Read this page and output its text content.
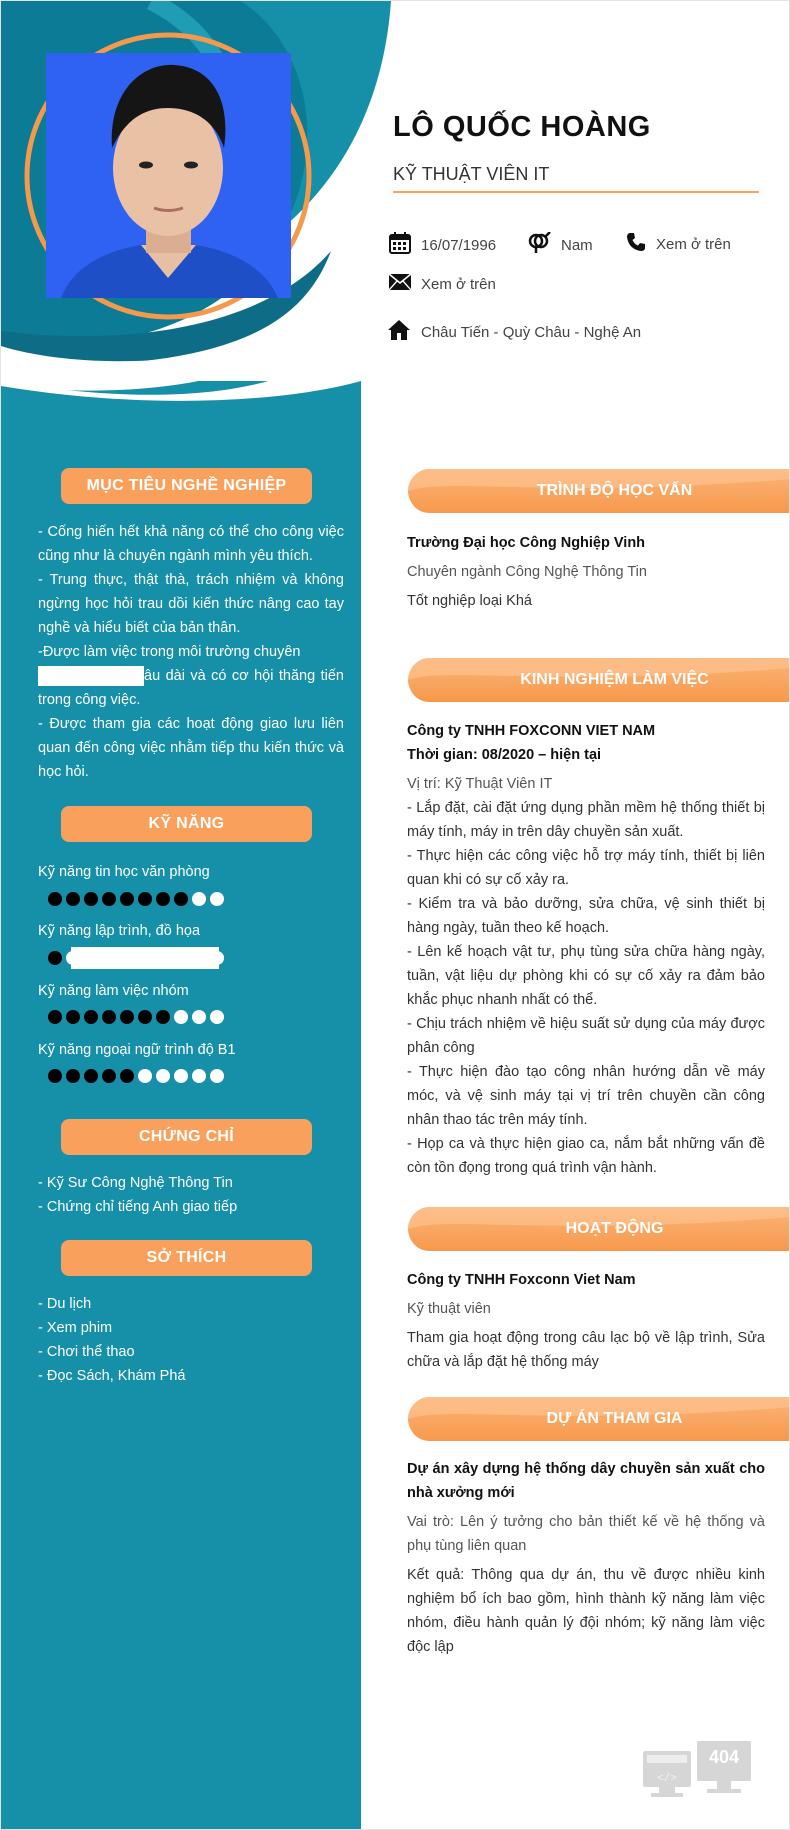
LÔ QUỐC HOÀNG
KỸ THUẬT VIÊN IT
16/07/1996	Nam	Xem ở trên
Xem ở trên
Châu Tiến - Quỳ Châu - Nghệ An
MỤC TIÊU NGHỀ NGHIỆP

- Cống hiến hết khả năng có thể cho công việc cũng như là chuyên ngành mình yêu thích.

- Trung thực, thật thà, trách nhiệm và không ngừng học hỏi trau dồi kiến thức nâng cao tay nghề và hiểu biết của bản thân.

-Được làm việc trong môi trường chuyên
âu dài và có cơ hội thăng tiến trong công việc.

- Được tham gia các hoạt động giao lưu liên quan đến công việc nhằm tiếp thu kiến thức và học hỏi.

KỸ NĂNG
Kỹ năng tin học văn phòng
Kỹ năng lập trình, đồ họa
Kỹ năng làm việc nhóm
Kỹ năng ngoại ngữ trình độ B1
CHỨNG CHỈ
- Kỹ Sư Công Nghệ Thông Tin
- Chứng chỉ tiếng Anh giao tiếp
SỞ THÍCH
- Du lịch
- Xem phim
- Chơi thể thao
- Đọc Sách, Khám Phá
TRÌNH ĐỘ HỌC VẤN
Trường Đại học Công Nghiệp Vinh
Chuyên ngành Công Nghệ Thông Tin
Tốt nghiệp loại Khá
KINH NGHIỆM LÀM VIỆC
Công ty TNHH FOXCONN VIET NAM
Thời gian: 08/2020 – hiện tại
Vị trí: Kỹ Thuật Viên IT
- Lắp đặt, cài đặt ứng dụng phần mềm hệ thống thiết bị máy tính, máy in trên dây chuyền sản xuất.
- Thực hiện các công việc hỗ trợ máy tính, thiết bị liên quan khi có sự cố xảy ra.
- Kiểm tra và bảo dưỡng, sửa chữa, vệ sinh thiết bị hàng ngày, tuần theo kế hoạch.
- Lên kế hoạch vật tư, phụ tùng sửa chữa hàng ngày, tuần, vật liệu dự phòng khi có sự cố xảy ra đảm bảo khắc phục nhanh nhất có thể.
- Chịu trách nhiệm về hiệu suất sử dụng của máy được phân công
- Thực hiện đào tạo công nhân hướng dẫn về máy móc, và vệ sinh máy tại vị trí trên chuyền cần công nhân thao tác trên máy tính.
- Họp ca và thực hiện giao ca, nắm bắt những vấn đề còn tồn đọng trong quá trình vận hành.
HOẠT ĐỘNG
Công ty TNHH Foxconn Viet Nam
Kỹ thuật viên
Tham gia hoạt động trong câu lạc bộ về lập trình, Sửa chữa và lắp đặt hệ thống máy
DỰ ÁN THAM GIA
Dự án xây dựng hệ thống dây chuyền sản xuất cho nhà xưởng mới
Vai trò: Lên ý tưởng cho bản thiết kế về hệ thống và phụ tùng liên quan
Kết quả: Thông qua dự án, thu về được nhiều kinh nghiệm bổ ích bao gồm, hình thành kỹ năng làm việc nhóm, điều hành quản lý đội nhóm; kỹ năng làm việc độc lập
</>
404
